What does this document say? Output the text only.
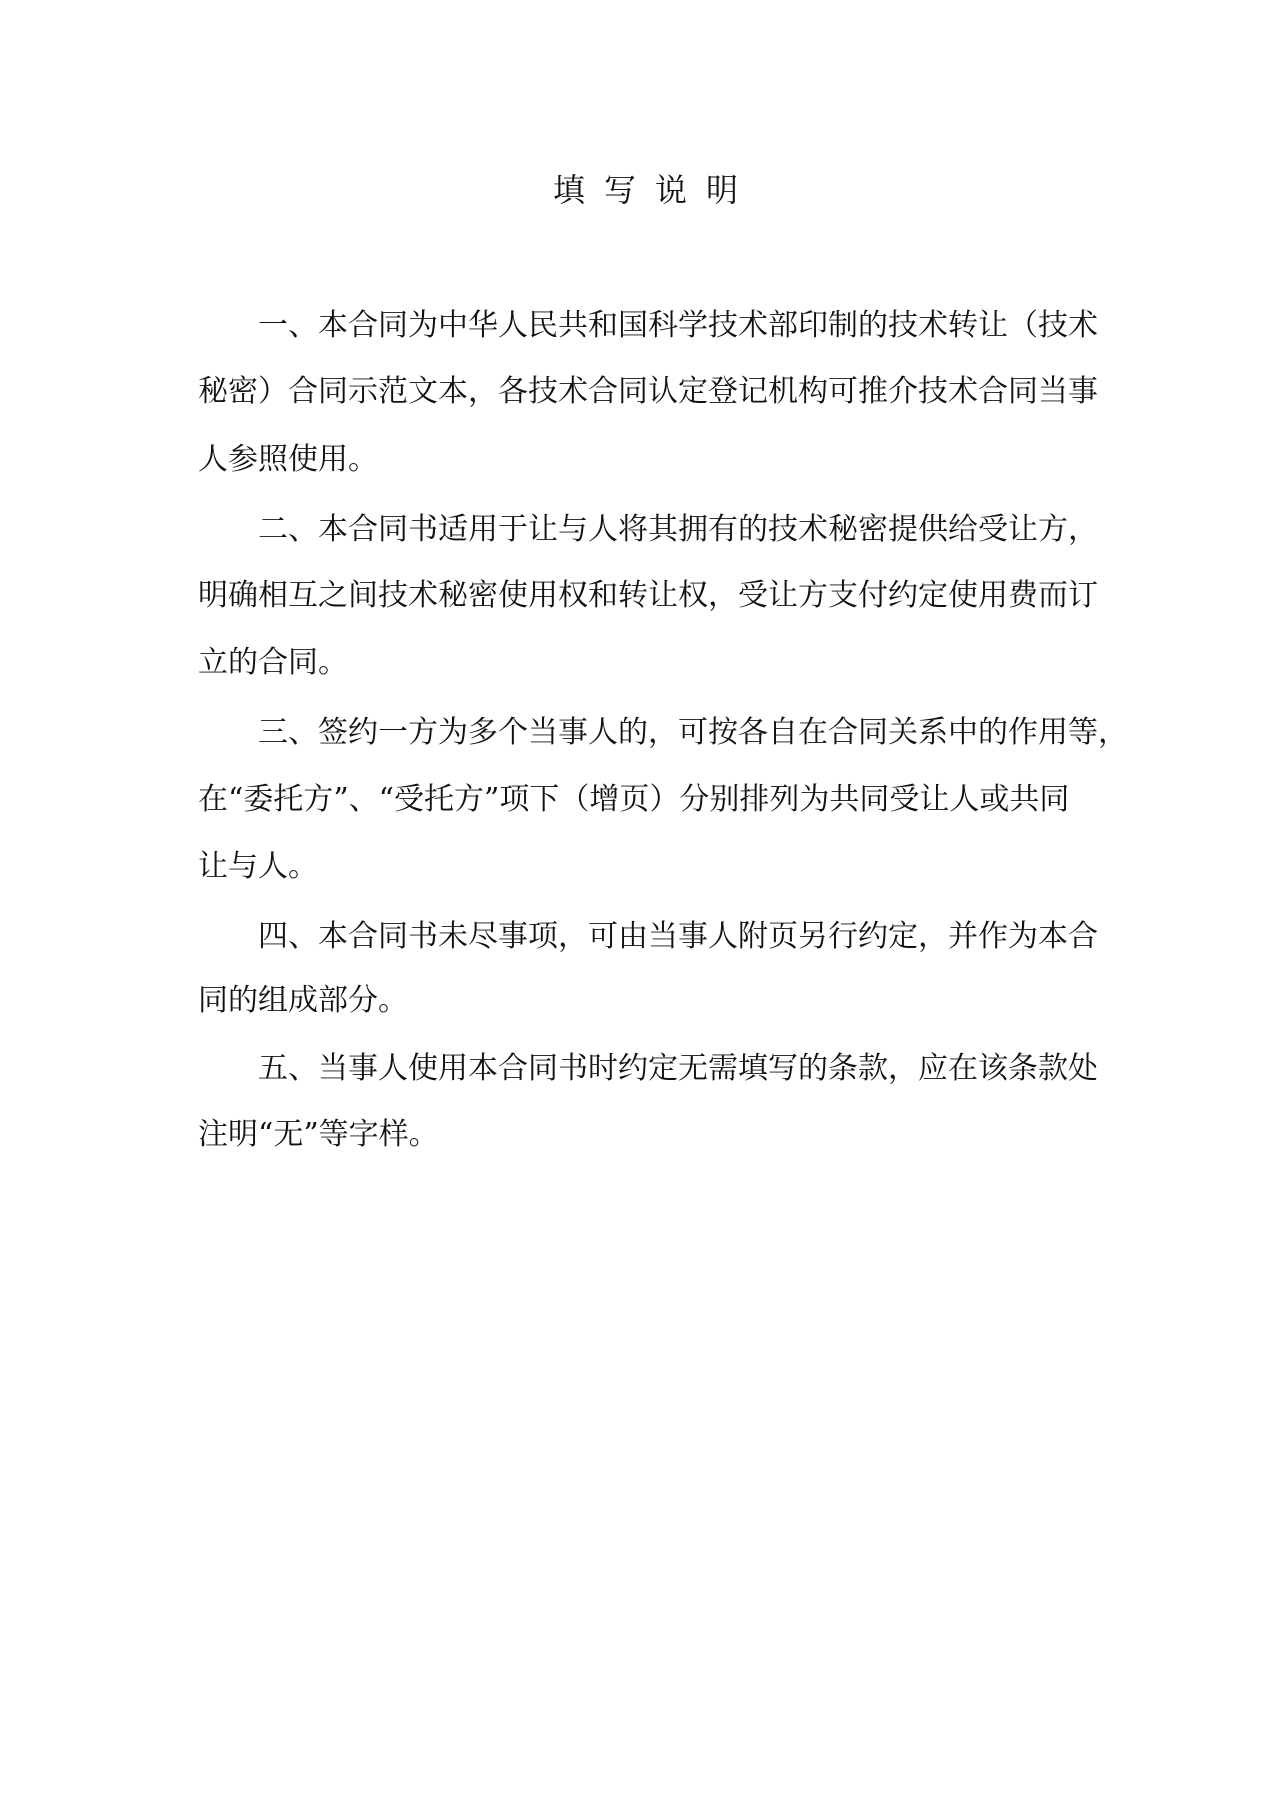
填写说明
一、本合同为中华人民共和国科学技术部印制的技术转让（技术
秘密）合同示范文本，各技术合同认定登记机构可推介技术合同当事
人参照使用。
二、本合同书适用于让与人将其拥有的技术秘密提供给受让方，
明确相互之间技术秘密使用权和转让权，受让方支付约定使用费而订
立的合同。
三、签约一方为多个当事人的，可按各自在合同关系中的作用等，
在“委托方”、“受托方”项下（增页）分别排列为共同受让人或共同
让与人。
四、本合同书未尽事项，可由当事人附页另行约定，并作为本合
同的组成部分。
五、当事人使用本合同书时约定无需填写的条款，应在该条款处
注明“无”等字样。
